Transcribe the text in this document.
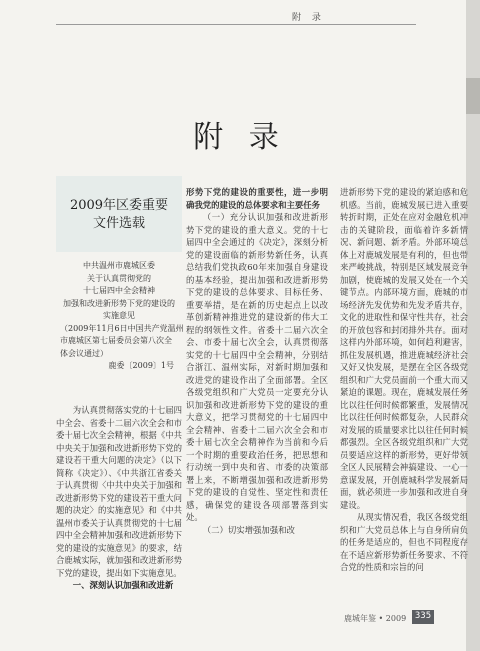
附 录
附 录
2009年区委重要
文件选载
中共温州市鹿城区委
关于认真贯彻党的
十七届四中全会精神
加强和改进新形势下党的建设的
实施意见
（2009年11月6日中国共产党温州
市鹿城区第七届委员会第八次全
体会议通过）
鹿委〔2009〕1号

为认真贯彻落实党的十七届四中全会、省委十二届六次全会和市委十届七次全会精神，根据《中共中央关于加强和改进新形势下党的建设若干重大问题的决定》（以下简称《决定》）、《中共浙江省委关于认真贯彻〈中共中央关于加强和改进新形势下党的建设若干重大问题的决定〉的实施意见》和《中共温州市委关于认真贯彻党的十七届四中全会精神加强和改进新形势下党的建设的实施意见》的要求，结合鹿城实际，就加强和改进新形势下党的建设，提出如下实施意见。

一、深刻认识加强和改进新

形势下党的建设的重要性，进一步明确我党的建设的总体要求和主要任务

（一）充分认识加强和改进新形势下党的建设的重大意义。党的十七届四中全会通过的《决定》，深刻分析党的建设面临的新形势新任务，认真总结我们党执政60年来加强自身建设的基本经验，提出加强和改进新形势下党的建设的总体要求、目标任务、重要举措，是在新的历史起点上以改革创新精神推进党的建设新的伟大工程的纲领性文件。省委十二届六次全会、市委十届七次全会，认真贯彻落实党的十七届四中全会精神，分别结合浙江、温州实际，对新时期加强和改进党的建设作出了全面部署。全区各级党组织和广大党员一定要充分认识加强和改进新形势下党的建设的重大意义，把学习贯彻党的十七届四中全会精神、省委十二届六次全会和市委十届七次全会精神作为当前和今后一个时期的重要政治任务，把思想和行动统一到中央和省、市委的决策部署上来，不断增强加强和改进新形势下党的建设的自觉性、坚定性和责任感，确保党的建设各项部署落到实处。

（二）切实增强加强和改

进新形势下党的建设的紧迫感和危机感。当前，鹿城发展已进入重要转折时期，正处在应对金融危机冲击的关键阶段，面临着许多新情况、新问题、新矛盾。外部环境总体上对鹿城发展是有利的，但也带来严峻挑战，特别是区域发展竞争加剧，使鹿城的发展又处在一个关键节点。内部环境方面，鹿城的市场经济先发优势和先发矛盾共存，文化的进取性和保守性共存，社会的开放包容和封闭排外共存。面对这样内外部环境，如何趋利避害，抓住发展机遇，推进鹿城经济社会又好又快发展，是摆在全区各级党组织和广大党员面前一个重大而又紧迫的课题。现在，鹿城发展任务比以往任何时候都繁重，发展情况比以往任何时候都复杂，人民群众对发展的质量要求比以往任何时候都强烈。全区各级党组织和广大党员要适应这样的新形势，更好带领全区人民展精会神搞建设、一心一意谋发展，开创鹿城科学发展新局面，就必须进一步加强和改进自身建设。

从现实情况看，我区各级党组织和广大党员总体上与自身所肩负的任务是适应的，但也不同程度存在不适应新形势新任务要求、不符合党的性质和宗旨的问

鹿城年鉴 • 2009	335
